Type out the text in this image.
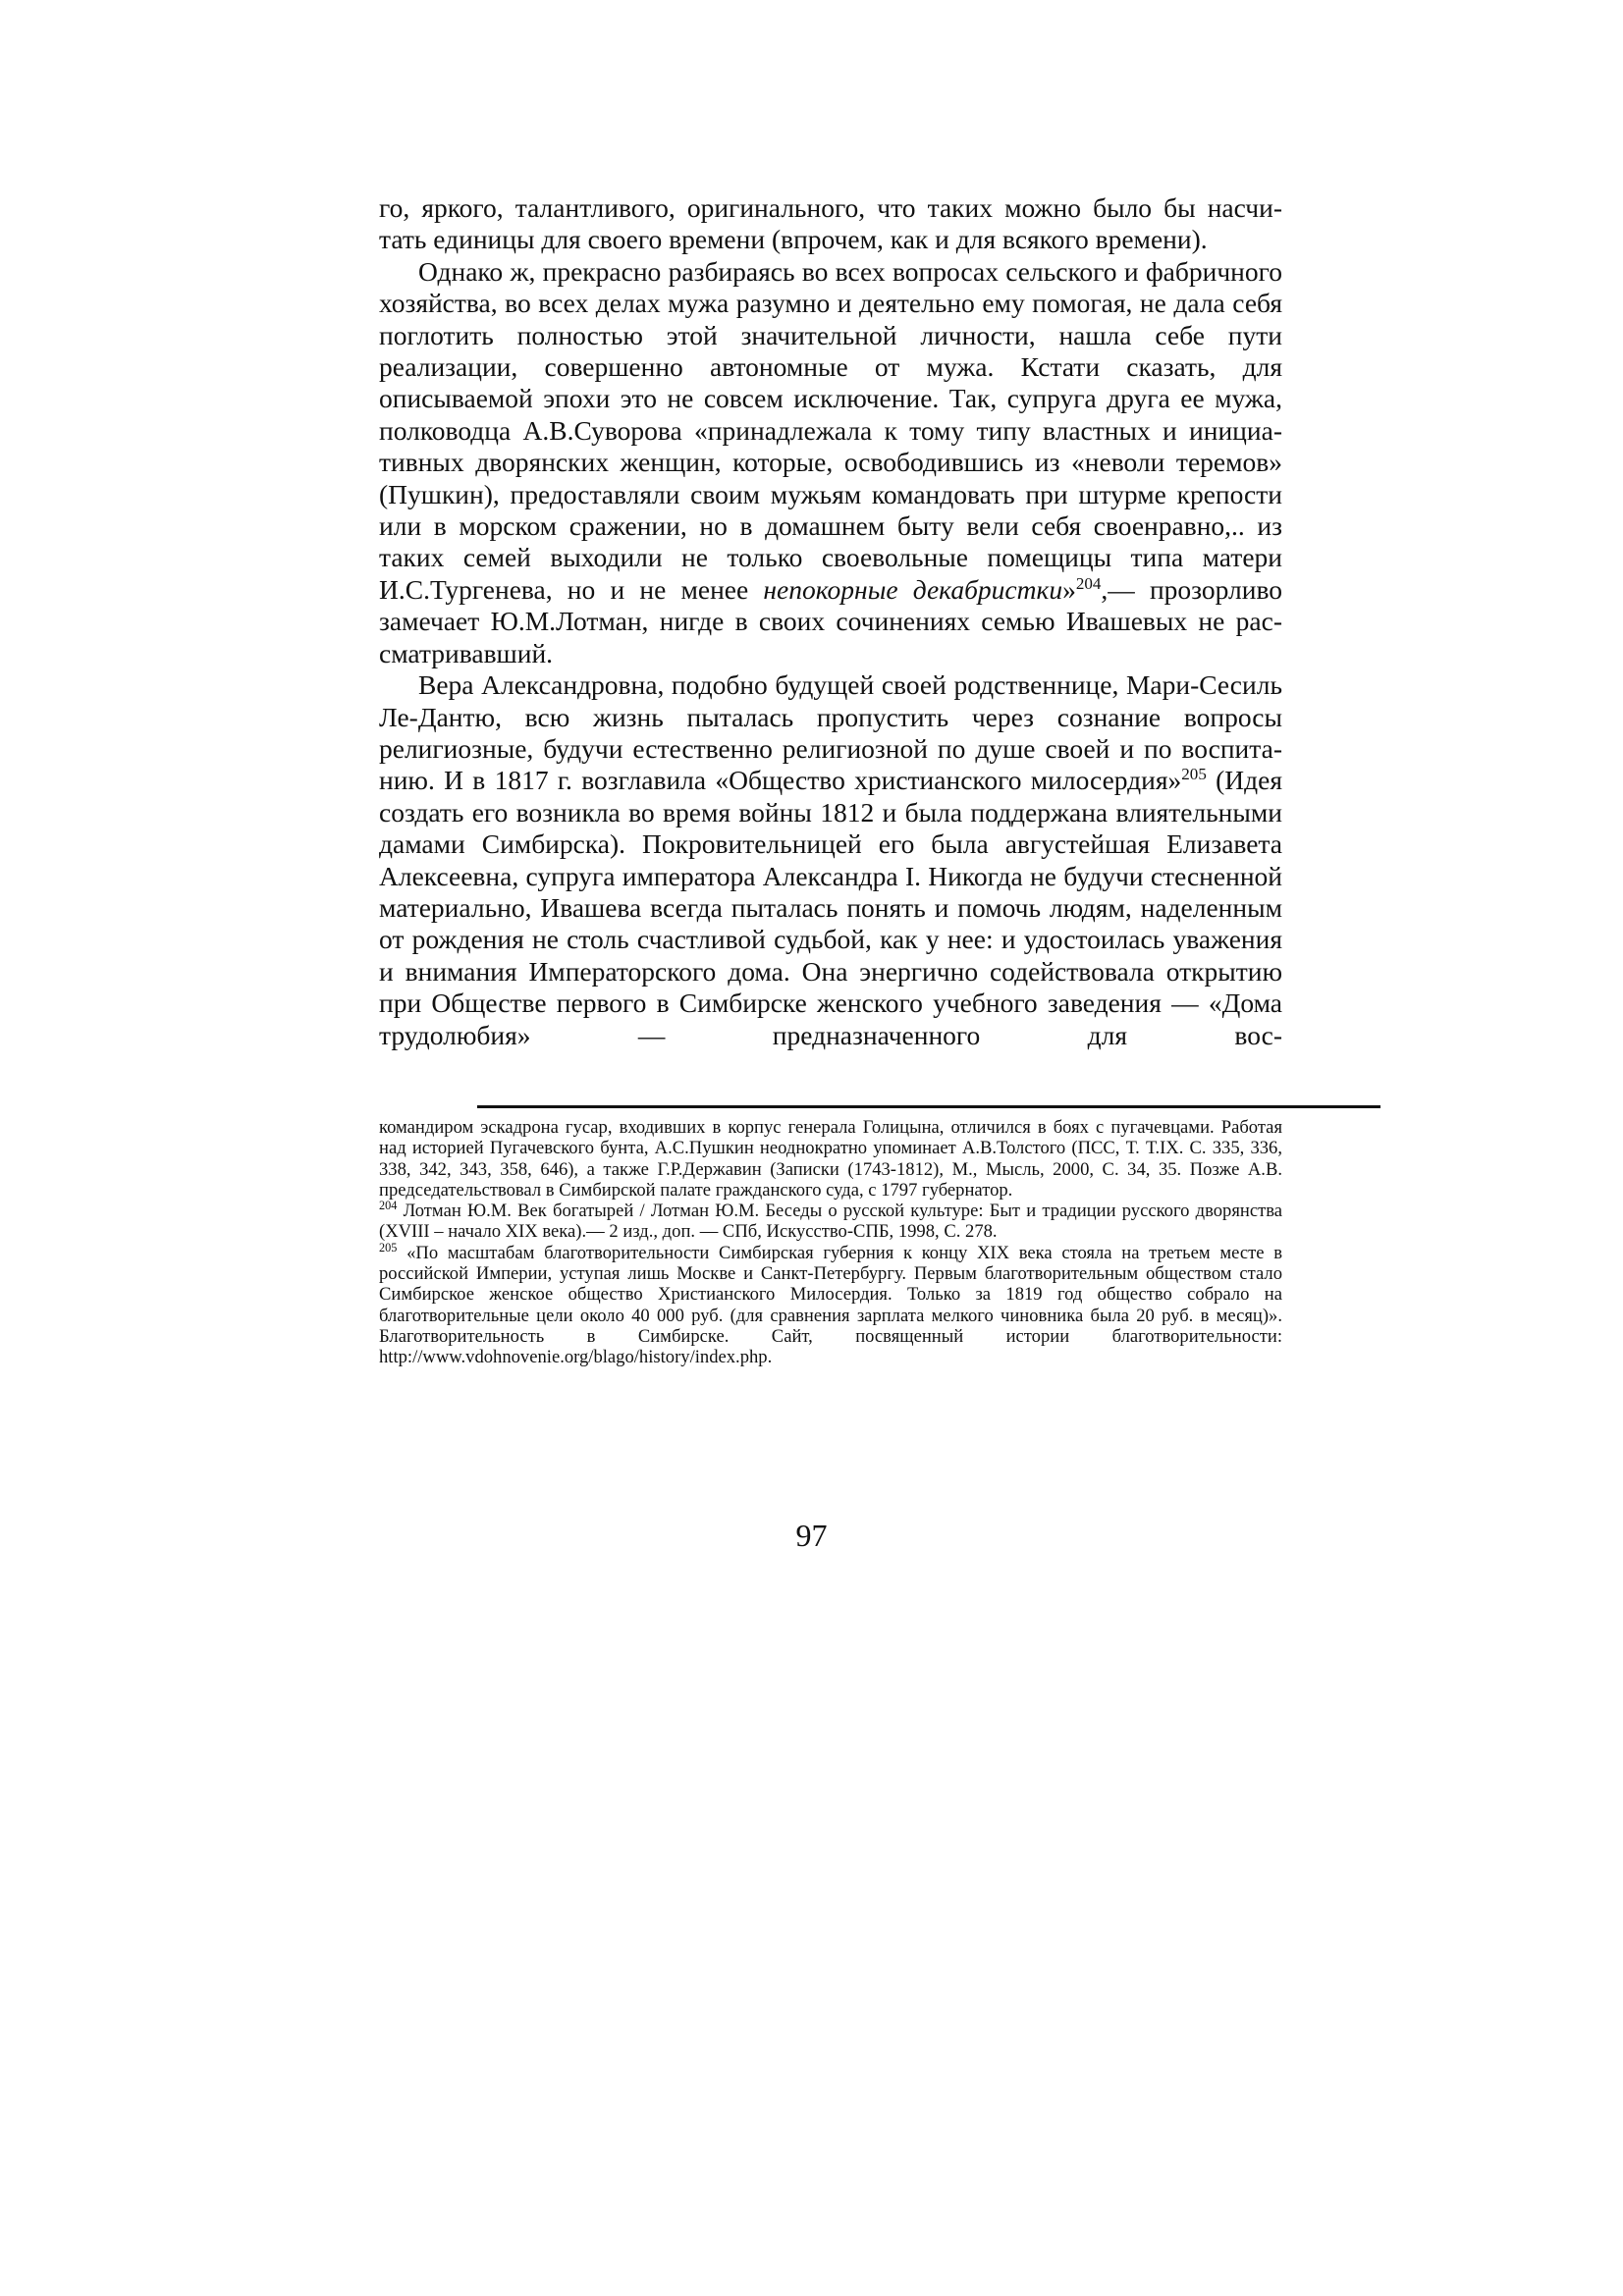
го, яркого, талантливого, оригинального, что таких можно было бы насчи-

тать единицы для своего времени (впрочем, как и для всякого времени).

Однако ж, прекрасно разбираясь во всех вопросах сельского и фабричного хозяйства, во всех делах мужа разумно и деятельно ему помогая, не дала себя поглотить полностью этой значительной личности, нашла себе пути реализации, совершенно автономные от мужа. Кстати сказать, для описываемой эпохи это не совсем исключение. Так, супруга друга ее мужа, полководца А.В.Суворова «принадлежала к тому типу властных и инициативных дворянских женщин, которые, освободившись из «неволи теремов» (Пушкин), предоставляли своим мужьям командовать при штурме крепости или в морском сражении, но в домашнем быту вели себя своенравно,.. из таких семей выходили не только своевольные помещицы типа матери И.С.Тургенева, но и не менее непокорные декабристки»$^{204}$,— прозорливо замечает Ю.М.Лотман, нигде в своих сочинениях семью Ивашевых не рассматривавший.

Вера Александровна, подобно будущей своей родственнице, Мари-Сесиль Ле-Дантю, всю жизнь пыталась пропустить через сознание вопросы религиозные, будучи естественно религиозной по душе своей и по воспитанию. И в 1817 г. возглавила «Общество христианского милосердия»$^{205}$ (Идея создать его возникла во время войны 1812 и была поддержана влиятельными дамами Симбирска). Покровительницей его была августейшая Елизавета Алексеевна, супруга императора Александра I. Никогда не будучи стесненной материально, Ивашева всегда пыталась понять и помочь людям, наделенным от рождения не столь счастливой судьбой, как у нее: и удостоилась уважения и внимания Императорского дома. Она энергично содействовала открытию при Обществе первого в Симбирске женского учебного заведения — «Дома трудолюбия» — предназначенного для вос-

командиром эскадрона гусар, входивших в корпус генерала Голицына, отличился в боях с пугачевцами. Работая над историей Пугачевского бунта, А.С.Пушкин неоднократно упоминает А.В.Толстого (ПСС, Т. Т.IX. С. 335, 336, 338, 342, 343, 358, 646), а также Г.Р.Державин (Записки (1743-1812), М., Мысль, 2000, С. 34, 35. Позже А.В. председательствовал в Симбирской палате гражданского суда, с 1797 губернатор.

$^{204}$ Лотман Ю.М. Век богатырей / Лотман Ю.М. Беседы о русской культуре: Быт и традиции русского дворянства (XVIII – начало XIX века).— 2 изд., доп. — СПб, Искусство-СПБ, 1998, С. 278.

$^{205}$ «По масштабам благотворительности Симбирская губерния к концу XIX века стояла на третьем месте в российской Империи, уступая лишь Москве и Санкт-Петербургу. Первым благотворительным обществом стало Симбирское женское общество Христианского Милосердия. Только за 1819 год общество собрало на благотворительные цели около 40 000 руб. (для сравнения зарплата мелкого чиновника была 20 руб. в месяц)». Благотворительность в Симбирске. Сайт, посвященный истории благотворительности:

http://www.vdohnovenie.org/blago/history/index.php.

97
